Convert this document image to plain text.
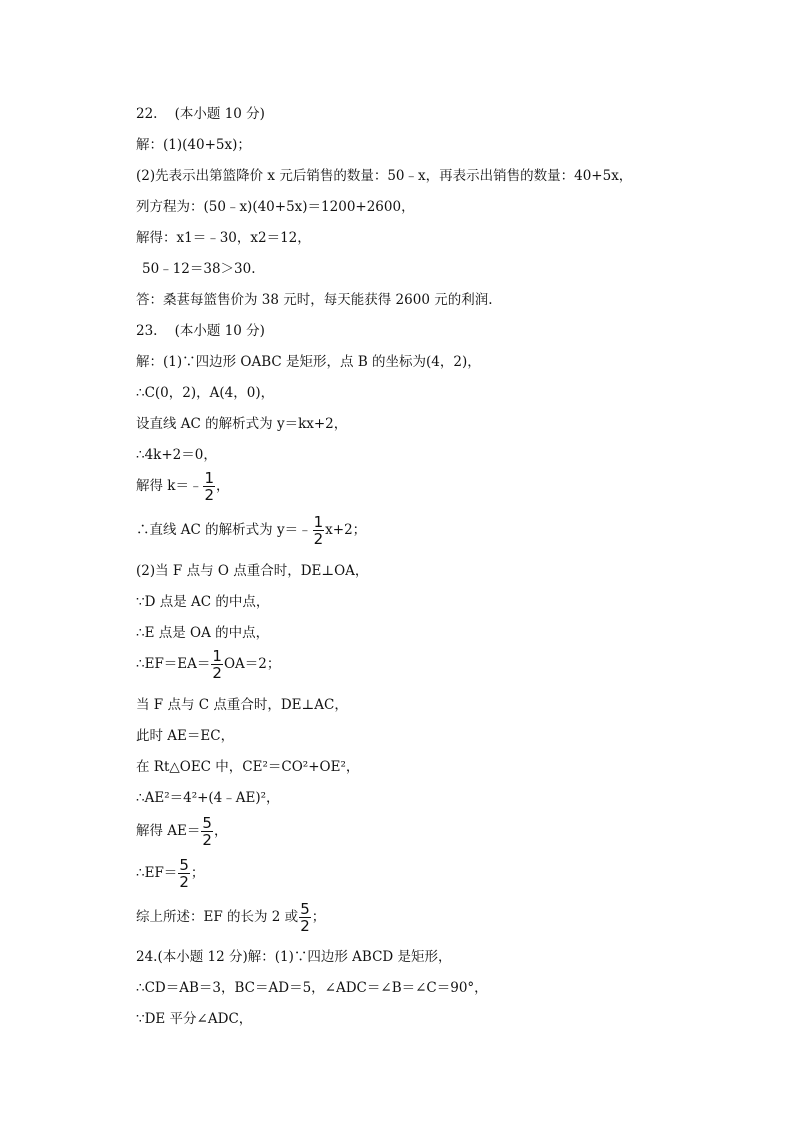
22. (本小题 10 分)
解：(1)(40+5x)；
(2)先表示出第篮降价 x 元后销售的数量：50﹣x，再表示出销售的数量：40+5x，
列方程为：(50﹣x)(40+5x)＝1200+2600，
解得：x1＝﹣30，x2＝12，
50﹣12＝38＞30.
答：桑葚每篮售价为 38 元时，每天能获得 2600 元的利润.
23. (本小题 10 分)
解：(1)∵四边形 OABC 是矩形，点 B 的坐标为(4，2)，
∴C(0，2)，A(4，0)，
设直线 AC 的解析式为 y＝kx+2，
∴4k+2＝0，
解得 k＝﹣ $\frac{1}{2}$ ，
∴直线 AC 的解析式为 y＝﹣ $\frac{1}{2} x+2$；
(2)当 F 点与 O 点重合时，DE⊥OA，
∵D 点是 AC 的中点，
∴E 点是 OA 的中点，
∴EF＝EA＝ $\frac{1}{2} OA=2$；
当 F 点与 C 点重合时，DE⊥AC，
此时 AE＝EC，
在 Rt△OEC 中，CE²＝CO²+OE²，
∴AE²＝4²+(4﹣AE)²，
解得 $AE= \frac{5}{2}$ ，
∴EF＝ $\frac{5}{2}$ ；
综上所述：EF 的长为 2 或 $\frac{5}{2}$ ；
24.(本小题 12 分)解：(1)∵四边形 ABCD 是矩形，
∴CD＝AB＝3，BC＝AD＝5，∠ADC＝∠B＝∠C＝90°，
∵DE 平分∠ADC，
